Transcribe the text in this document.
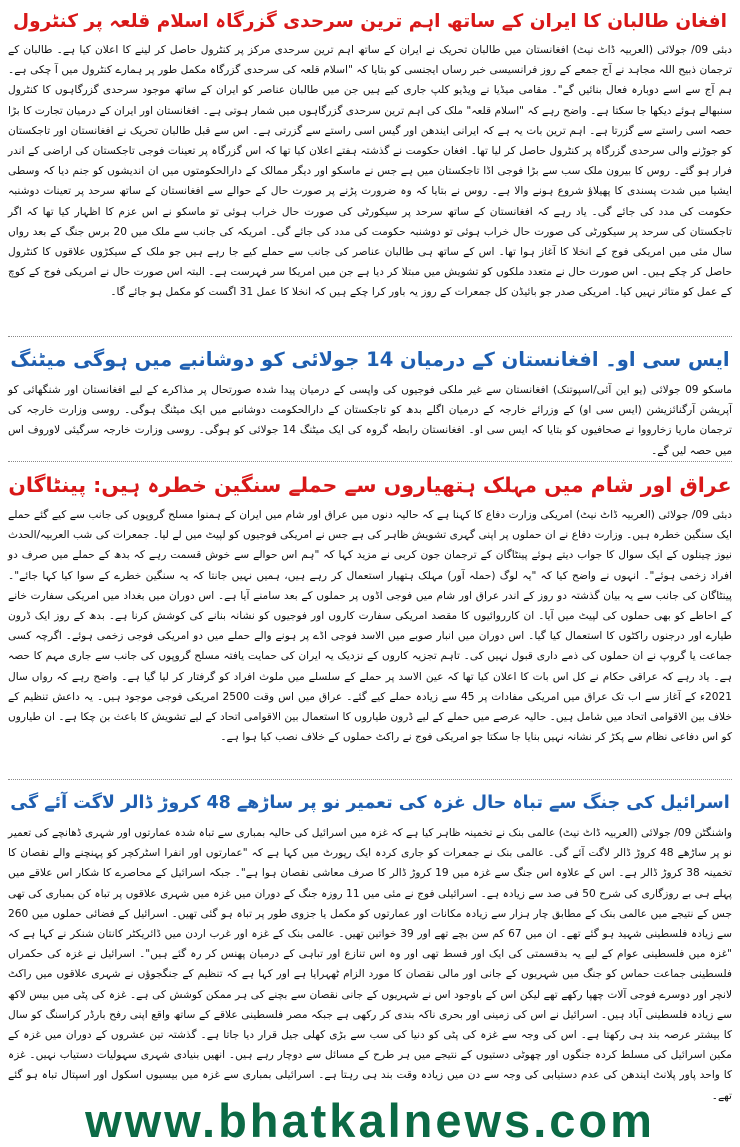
افغان طالبان کا ایران کے ساتھ اہم ترین سرحدی گزرگاہ اسلام قلعہ پر کنٹرول

دبئی 09/ جولائی (العربیہ ڈاٹ نیٹ) افغانستان میں طالبان تحریک نے ایران کے ساتھ اہم ترین سرحدی مرکز پر کنٹرول حاصل کر لینے کا اعلان کیا ہے۔ طالبان کے ترجمان ذبیح اللہ مجاہد نے آج جمعے کے روز فرانسیسی خبر رساں ایجنسی کو بتایا کہ "اسلام قلعہ کی سرحدی گزرگاہ مکمل طور پر ہمارے کنٹرول میں آ چکی ہے۔ ہم آج سے اسے دوبارہ فعال بنائیں گے"۔ مقامی میڈیا نے ویڈیو کلپ جاری کیے ہیں جن میں طالبان عناصر کو ایران کے ساتھ موجود سرحدی گزرگاہوں کا کنٹرول سنبھالے ہوئے دیکھا جا سکتا ہے۔ واضح رہے کہ "اسلام قلعہ" ملک کی اہم ترین سرحدی گزرگاہوں میں شمار ہوتی ہے۔ افغانستان اور ایران کے درمیان تجارت کا بڑا حصہ اسی راستے سے گزرتا ہے۔ اہم ترین بات یہ ہے کہ ایرانی ایندھن اور گیس اسی راستے سے گزرتی ہے۔ اس سے قبل طالبان تحریک نے افغانستان اور تاجکستان کو جوڑنے والی سرحدی گزرگاہ پر کنٹرول حاصل کر لیا تھا۔ افغان حکومت نے گذشتہ ہفتے اعلان کیا تھا کہ اس گزرگاہ پر تعینات فوجی تاجکستان کی اراضی کے اندر فرار ہو گئے۔ روس کا بیرون ملک سب سے بڑا فوجی اڈا تاجکستان میں ہے جس نے ماسکو اور دیگر ممالک کے دارالحکومتوں میں ان اندیشوں کو جنم دیا کہ وسطی ایشیا میں شدت پسندی کا پھیلاؤ شروع ہونے والا ہے۔ روس نے بتایا کہ وہ ضرورت پڑنے پر صورت حال کے حوالے سے افغانستان کے ساتھ سرحد پر تعینات دوشنبہ حکومت کی مدد کی جائے گی۔ یاد رہے کہ افغانستان کے ساتھ سرحد پر سیکورٹی کی صورت حال خراب ہوئی تو ماسکو نے اس عزم کا اظہار کیا تھا کہ اگر تاجکستان کی سرحد پر سیکورٹی کی صورت حال خراب ہوئی تو دوشنبہ حکومت کی مدد کی جائے گی۔ امریکہ کی جانب سے ملک میں 20 برس جنگ کے بعد رواں سال مئی میں امریکی فوج کے انخلا کا آغاز ہوا تھا۔ اس کے ساتھ ہی طالبان عناصر کی جانب سے حملے کیے جا رہے ہیں جو ملک کے سیکڑوں علاقوں کا کنٹرول حاصل کر چکے ہیں۔ اس صورت حال نے متعدد ملکوں کو تشویش میں مبتلا کر دیا ہے جن میں امریکا سر فہرست ہے۔ البتہ اس صورت حال نے امریکی فوج کے کوچ کے عمل کو متاثر نہیں کیا۔ امریکی صدر جو بائیڈن کل جمعرات کے روز یہ باور کرا چکے ہیں کہ انخلا کا عمل 31 اگست کو مکمل ہو جائے گا۔

ایس سی او۔ افغانستان کے درمیان 14 جولائی کو دوشانبے میں ہوگی میٹنگ

ماسکو 09 جولائی (یو این آئی/اسپوتنک) افغانستان سے غیر ملکی فوجیوں کی واپسی کے درمیان پیدا شدہ صورتحال پر مذاکرے کے لیے افغانستان اور شنگھائی کو آپریشن آرگنائزیشن (ایس سی او) کے وزرائے خارجہ کے درمیان اگلے بدھ کو تاجکستان کے دارالحکومت دوشانبے میں ایک میٹنگ ہوگی۔ روسی وزارت خارجہ کی ترجمان ماریا زخارووا نے صحافیوں کو بتایا کہ ایس سی او۔ افغانستان رابطہ گروہ کی ایک میٹنگ 14 جولائی کو ہوگی۔ روسی وزارت خارجہ سرگیئی لاوروف اس میں حصہ لیں گے۔

عراق اور شام میں مہلک ہتھیاروں سے حملے سنگین خطرہ ہیں: پینٹاگان

دبئی 09/ جولائی (العربیہ ڈاٹ نیٹ) امریکی وزارت دفاع کا کہنا ہے کہ حالیہ دنوں میں عراق اور شام میں ایران کے ہمنوا مسلح گروپوں کی جانب سے کیے گئے حملے ایک سنگین خطرہ ہیں۔ وزارت دفاع نے ان حملوں پر اپنی گہری تشویش ظاہر کی ہے جس نے امریکی فوجیوں کو لپیٹ میں لے لیا۔ جمعرات کی شب العربیہ/الحدث نیوز چینلوں کے ایک سوال کا جواب دیتے ہوئے پینٹاگان کے ترجمان جون کربی نے مزید کہا کہ "ہم اس حوالے سے خوش قسمت رہے کہ بدھ کے حملے میں صرف دو افراد زخمی ہوئے"۔ انہوں نے واضح کیا کہ "یہ لوگ (حملہ آور) مہلک ہتھیار استعمال کر رہے ہیں، ہمیں نہیں جانتا کہ یہ سنگین خطرے کے سوا کیا کہا جائے"۔ پینٹاگان کی جانب سے یہ بیان گذشتہ دو روز کے اندر عراق اور شام میں فوجی اڈوں پر حملوں کے بعد سامنے آیا ہے۔ اس دوران میں بغداد میں امریکی سفارت خانے کے احاطے کو بھی حملوں کی لپیٹ میں آیا۔ ان کارروائیوں کا مقصد امریکی سفارت کاروں اور فوجیوں کو نشانہ بنانے کی کوشش کرنا ہے۔ بدھ کے روز ایک ڈرون طیارے اور درجنوں راکٹوں کا استعمال کیا گیا۔ اس دوران میں انبار صوبے میں الاسد فوجی اڈے پر ہونے والے حملے میں دو امریکی فوجی زخمی ہوئے۔ اگرچہ کسی جماعت یا گروپ نے ان حملوں کی ذمے داری قبول نہیں کی۔ تاہم تجزیہ کاروں کے نزدیک یہ ایران کی حمایت یافتہ مسلح گروپوں کی جانب سے جاری مہم کا حصہ ہے۔ یاد رہے کہ عراقی حکام نے کل اس بات کا اعلان کیا تھا کہ عین الاسد پر حملے کے سلسلے میں ملوث افراد کو گرفتار کر لیا گیا ہے۔ واضح رہے کہ رواں سال 2021ء کے آغاز سے اب تک عراق میں امریکی مفادات پر 45 سے زیادہ حملے کیے گئے۔ عراق میں اس وقت 2500 امریکی فوجی موجود ہیں۔ یہ داعش تنظیم کے خلاف بین الاقوامی اتحاد میں شامل ہیں۔ حالیہ عرصے میں حملے کے لیے ڈرون طیاروں کا استعمال بین الاقوامی اتحاد کے لیے تشویش کا باعث بن چکا ہے۔ ان طیاروں کو اس دفاعی نظام سے پکڑ کر نشانہ نہیں بنایا جا سکتا جو امریکی فوج نے راکٹ حملوں کے خلاف نصب کیا ہوا ہے۔

اسرائیل کی جنگ سے تباہ حال غزہ کی تعمیر نو پر ساڑھے 48 کروڑ ڈالر لاگت آئے گی

واشنگٹن 09/ جولائی (العربیہ ڈاٹ نیٹ) عالمی بنک نے تخمینہ ظاہر کیا ہے کہ غزہ میں اسرائیل کی حالیہ بمباری سے تباہ شدہ عمارتوں اور شہری ڈھانچے کی تعمیر نو پر ساڑھے 48 کروڑ ڈالر لاگت آئے گی۔ عالمی بنک نے جمعرات کو جاری کردہ ایک رپورٹ میں کہا ہے کہ "عمارتوں اور انفرا اسٹرکچر کو پہنچنے والے نقصان کا تخمینہ 38 کروڑ ڈالر ہے۔ اس کے علاوہ اس جنگ سے غزہ میں 19 کروڑ ڈالر کا صرف معاشی نقصان ہوا ہے"۔ جبکہ اسرائیل کے محاصرے کا شکار اس علاقے میں پہلے ہی بے روزگاری کی شرح 50 فی صد سے زیادہ ہے۔ اسرائیلی فوج نے مئی میں 11 روزہ جنگ کے دوران میں غزہ میں شہری علاقوں پر تباہ کن بمباری کی تھی جس کے نتیجے میں عالمی بنک کے مطابق چار ہزار سے زیادہ مکانات اور عمارتوں کو مکمل یا جزوی طور پر تباہ ہو گئی تھیں۔ اسرائیل کے فضائی حملوں میں 260 سے زیادہ فلسطینی شہید ہو گئے تھے۔ ان میں 67 کم سن بچے تھے اور 39 خواتین تھیں۔ عالمی بنک کے غزہ اور غرب اردن میں ڈائریکٹر کانتان شنکر نے کہا ہے کہ "غزہ میں فلسطینی عوام کے لیے یہ بدقسمتی کی ایک اور قسط تھی اور وہ اس تنازع اور تباہی کے درمیان پھنس کر رہ گئے ہیں"۔ اسرائیل نے غزہ کی حکمراں فلسطینی جماعت حماس کو جنگ میں شہریوں کے جانی اور مالی نقصان کا مورد الزام ٹھہرایا ہے اور کہا ہے کہ تنظیم کے جنگجوؤں نے شہری علاقوں میں راکٹ لانچر اور دوسرے فوجی آلات چھپا رکھے تھے لیکن اس کے باوجود اس نے شہریوں کے جانی نقصان سے بچنے کی ہر ممکن کوشش کی ہے۔ غزہ کی پٹی میں بیس لاکھ سے زیادہ فلسطینی آباد ہیں۔ اسرائیل نے اس کی زمینی اور بحری ناکہ بندی کر رکھی ہے جبکہ مصر فلسطینی علاقے کے ساتھ واقع اپنی رفح بارڈر کراسنگ کو سال کا بیشتر عرصہ بند ہی رکھتا ہے۔ اس کی وجہ سے غزہ کی پٹی کو دنیا کی سب سے بڑی کھلی جیل قرار دیا جاتا ہے۔ گذشتہ تین عشروں کے دوران میں غزہ کے مکین اسرائیل کی مسلط کردہ جنگوں اور چھوٹی دستیوں کے نتیجے میں ہر طرح کے مسائل سے دوچار رہے ہیں۔ انھیں بنیادی شہری سہولیات دستیاب نہیں۔ غزہ کا واحد پاور پلانٹ ایندھن کی عدم دستیابی کی وجہ سے دن میں زیادہ وقت بند ہی رہتا ہے۔ اسرائیلی بمباری سے غزہ میں بیسیوں اسکول اور اسپتال تباہ ہو گئے تھے۔

www.bhatkalnews.com
